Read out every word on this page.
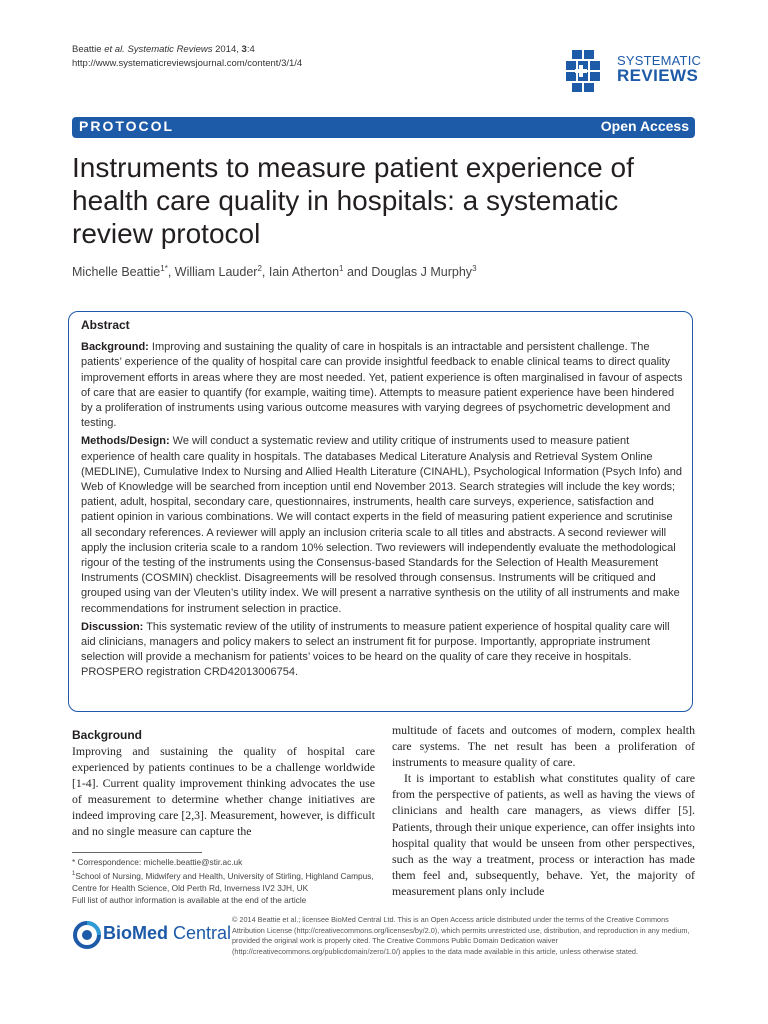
Beattie et al. Systematic Reviews 2014, 3:4
http://www.systematicreviewsjournal.com/content/3/1/4	SYSTEMATIC
REVIEWS
PROTOCOL	Open Access
Instruments to measure patient experience of health care quality in hospitals: a systematic review protocol
Michelle Beattie$^{1*}$, William Lauder$^2$, Iain Atherton$^1$ and Douglas J Murphy$^3$
Abstract

Background: Improving and sustaining the quality of care in hospitals is an intractable and persistent challenge. The patients’ experience of the quality of hospital care can provide insightful feedback to enable clinical teams to direct quality improvement efforts in areas where they are most needed. Yet, patient experience is often marginalised in favour of aspects of care that are easier to quantify (for example, waiting time). Attempts to measure patient experience have been hindered by a proliferation of instruments using various outcome measures with varying degrees of psychometric development and testing.

Methods/Design: We will conduct a systematic review and utility critique of instruments used to measure patient experience of health care quality in hospitals. The databases Medical Literature Analysis and Retrieval System Online (MEDLINE), Cumulative Index to Nursing and Allied Health Literature (CINAHL), Psychological Information (Psych Info) and Web of Knowledge will be searched from inception until end November 2013. Search strategies will include the key words; patient, adult, hospital, secondary care, questionnaires, instruments, health care surveys, experience, satisfaction and patient opinion in various combinations. We will contact experts in the field of measuring patient experience and scrutinise all secondary references. A reviewer will apply an inclusion criteria scale to all titles and abstracts. A second reviewer will apply the inclusion criteria scale to a random 10% selection. Two reviewers will independently evaluate the methodological rigour of the testing of the instruments using the Consensus-based Standards for the Selection of Health Measurement Instruments (COSMIN) checklist. Disagreements will be resolved through consensus. Instruments will be critiqued and grouped using van der Vleuten’s utility index. We will present a narrative synthesis on the utility of all instruments and make recommendations for instrument selection in practice.

Discussion: This systematic review of the utility of instruments to measure patient experience of hospital quality care will aid clinicians, managers and policy makers to select an instrument fit for purpose. Importantly, appropriate instrument selection will provide a mechanism for patients’ voices to be heard on the quality of care they receive in hospitals.

PROSPERO registration CRD42013006754.

Background
Improving and sustaining the quality of hospital care experienced by patients continues to be a challenge worldwide [1-4]. Current quality improvement thinking advocates the use of measurement to determine whether change initiatives are indeed improving care [2,3]. Measurement, however, is difficult and no single measure can capture the

multitude of facets and outcomes of modern, complex health care systems. The net result has been a proliferation of instruments to measure quality of care.

It is important to establish what constitutes quality of care from the perspective of patients, as well as having the views of clinicians and health care managers, as views differ [5]. Patients, through their unique experience, can offer insights into hospital quality that would be unseen from other perspectives, such as the way a treatment, process or interaction has made them feel and, subsequently, behave. Yet, the majority of measurement plans only include

* Correspondence: michelle.beattie@stir.ac.uk
$^1$School of Nursing, Midwifery and Health, University of Stirling, Highland Campus, Centre for Health Science, Old Perth Rd, Inverness IV2 3JH, UK
Full list of author information is available at the end of the article
BioMed Central
© 2014 Beattie et al.; licensee BioMed Central Ltd. This is an Open Access article distributed under the terms of the Creative Commons Attribution License (http://creativecommons.org/licenses/by/2.0), which permits unrestricted use, distribution, and reproduction in any medium, provided the original work is properly cited. The Creative Commons Public Domain Dedication waiver (http://creativecommons.org/publicdomain/zero/1.0/) applies to the data made available in this article, unless otherwise stated.
